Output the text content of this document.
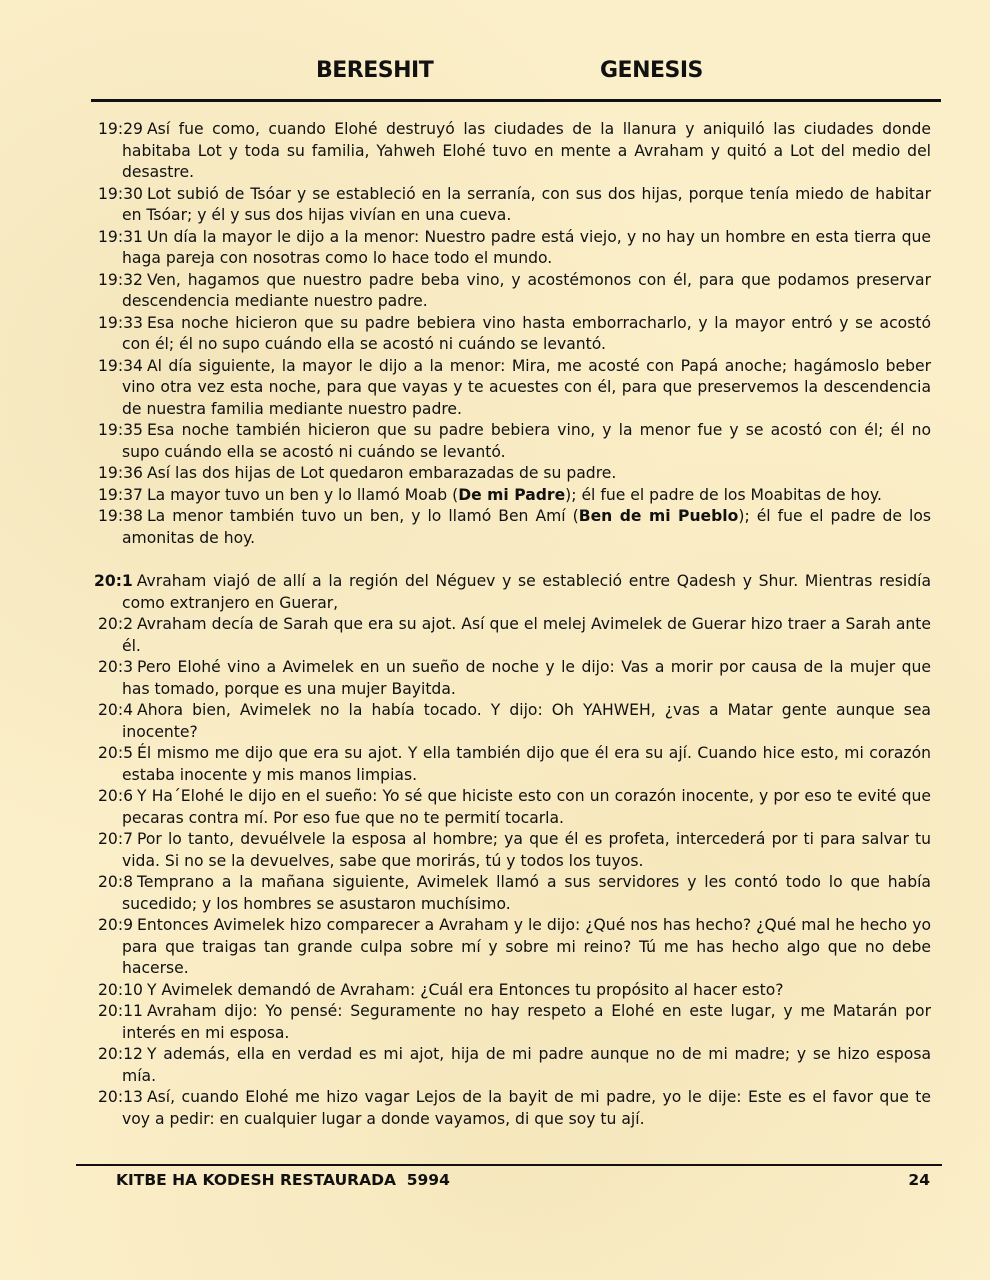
BERESHIT	GENESIS

19:29 Así fue como, cuando Elohé destruyó las ciudades de la llanura y aniquiló las ciudades donde habitaba Lot y toda su familia, Yahweh Elohé tuvo en mente a Avraham y quitó a Lot del medio del desastre.

19:30 Lot subió de Tsóar y se estableció en la serranía, con sus dos hijas, porque tenía miedo de habitar en Tsóar; y él y sus dos hijas vivían en una cueva.

19:31 Un día la mayor le dijo a la menor: Nuestro padre está viejo, y no hay un hombre en esta tierra que haga pareja con nosotras como lo hace todo el mundo.

19:32 Ven, hagamos que nuestro padre beba vino, y acostémonos con él, para que podamos preservar descendencia mediante nuestro padre.

19:33 Esa noche hicieron que su padre bebiera vino hasta emborracharlo, y la mayor entró y se acostó con él; él no supo cuándo ella se acostó ni cuándo se levantó.

19:34 Al día siguiente, la mayor le dijo a la menor: Mira, me acosté con Papá anoche; hagámoslo beber vino otra vez esta noche, para que vayas y te acuestes con él, para que preservemos la descendencia de nuestra familia mediante nuestro padre.

19:35 Esa noche también hicieron que su padre bebiera vino, y la menor fue y se acostó con él; él no supo cuándo ella se acostó ni cuándo se levantó.

19:36 Así las dos hijas de Lot quedaron embarazadas de su padre.

19:37 La mayor tuvo un ben y lo llamó Moab (De mi Padre); él fue el padre de los Moabitas de hoy.

19:38 La menor también tuvo un ben, y lo llamó Ben Amí (Ben de mi Pueblo); él fue el padre de los amonitas de hoy.

20:1 Avraham viajó de allí a la región del Néguev y se estableció entre Qadesh y Shur. Mientras residía como extranjero en Guerar,

20:2 Avraham decía de Sarah que era su ajot. Así que el melej Avimelek de Guerar hizo traer a Sarah ante él.

20:3 Pero Elohé vino a Avimelek en un sueño de noche y le dijo: Vas a morir por causa de la mujer que has tomado, porque es una mujer Bayitda.

20:4 Ahora bien, Avimelek no la había tocado. Y dijo: Oh YAHWEH, ¿vas a Matar gente aunque sea inocente?

20:5 Él mismo me dijo que era su ajot. Y ella también dijo que él era su ají. Cuando hice esto, mi corazón estaba inocente y mis manos limpias.

20:6 Y Ha´Elohé le dijo en el sueño: Yo sé que hiciste esto con un corazón inocente, y por eso te evité que pecaras contra mí. Por eso fue que no te permití tocarla.

20:7 Por lo tanto, devuélvele la esposa al hombre; ya que él es profeta, intercederá por ti para salvar tu vida. Si no se la devuelves, sabe que morirás, tú y todos los tuyos.

20:8 Temprano a la mañana siguiente, Avimelek llamó a sus servidores y les contó todo lo que había sucedido; y los hombres se asustaron muchísimo.

20:9 Entonces Avimelek hizo comparecer a Avraham y le dijo: ¿Qué nos has hecho? ¿Qué mal he hecho yo para que traigas tan grande culpa sobre mí y sobre mi reino? Tú me has hecho algo que no debe hacerse.

20:10 Y Avimelek demandó de Avraham: ¿Cuál era Entonces tu propósito al hacer esto?

20:11 Avraham dijo: Yo pensé: Seguramente no hay respeto a Elohé en este lugar, y me Matarán por interés en mi esposa.

20:12 Y además, ella en verdad es mi ajot, hija de mi padre aunque no de mi madre; y se hizo esposa mía.

20:13 Así, cuando Elohé me hizo vagar Lejos de la bayit de mi padre, yo le dije: Este es el favor que te voy a pedir: en cualquier lugar a donde vayamos, di que soy tu ají.

KITBE HA KODESH RESTAURADA  5994	24
